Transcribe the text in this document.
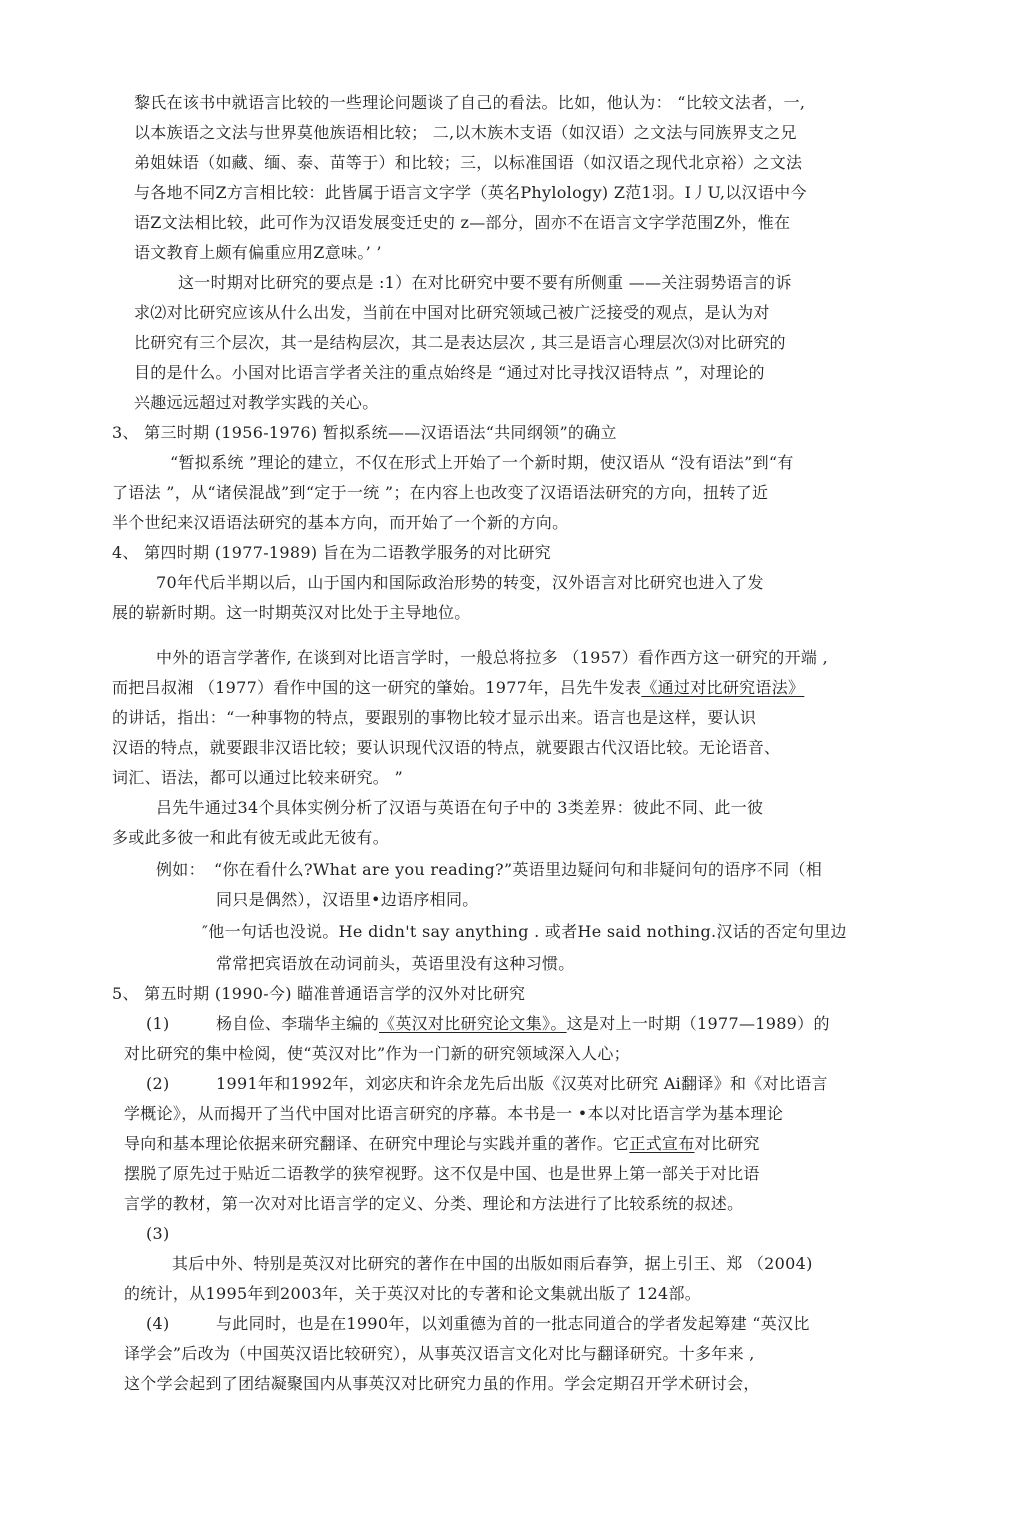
黎氏在该书中就语言比较的一些理论问题谈了自己的看法。比如，他认为： “比较文法者，一,
以本族语之文法与世界莫他族语相比较； 二,以木族木支语（如汉语）之文法与同族界支之兄
弟姐妹语（如藏、缅、泰、苗等于）和比较；三，以标准国语（如汉语之现代北京裕）之文法
与各地不同Z方言相比较：此皆属于语言文字学（英名Phylology) Z范1羽。I丿U,以汉语中今
语Z文法相比较，此可作为汉语发展变迁史的 z—部分，固亦不在语言文字学范围Z外，惟在
语文教育上颇有偏重应用Z意味。’ ’
这一时期对比研究的要点是 :1）在对比研究中要不要有所侧重 ——关注弱势语言的诉
求⑵对比研究应该从什么出发，当前在中国对比研究领域己被广泛接受的观点，是认为对
比研究有三个层次，其一是结构层次，其二是表达层次 , 其三是语言心理层次⑶对比研究的
目的是什么。小国对比语言学者关注的重点始终是 “通过对比寻找汉语特点 ”，对理论的
兴趣远远超过对教学实践的关心。
3、 第三时期 (1956-1976) 暂拟系统——汉语语法“共同纲领”的确立
“暂拟系统 ”理论的建立，不仅在形式上开始了一个新时期，使汉语从 “没有语法”到“有
了语法 ”，从“诸侯混战”到“定于一统 ”；在内容上也改变了汉语语法研究的方向，扭转了近
半个世纪来汉语语法研究的基本方向，而开始了一个新的方向。
4、 第四时期 (1977-1989) 旨在为二语教学服务的对比研究
70年代后半期以后，山于国内和国际政治形势的转变，汉外语言对比研究也进入了发
展的崭新时期。这一时期英汉对比处于主导地位。
中外的语言学著作, 在谈到对比语言学时，一般总将拉多 （1957）看作西方这一研究的开端 ,
而把吕叔湘 （1977）看作中国的这一研究的肇始。1977年，吕先牛发表《通过对比研究语法》
的讲话，指出：“一种事物的特点，要跟别的事物比较才显示出来。语言也是这样，要认识
汉语的特点，就要跟非汉语比较；要认识现代汉语的特点，就要跟古代汉语比较。无论语音、
词汇、语法，都可以通过比较来研究。 ”
吕先牛通过34个具体实例分析了汉语与英语在句子中的 3类差界：彼此不同、此一彼
多或此多彼一和此有彼无或此无彼有。
例如： “你在看什么?What are you reading?”英语里边疑问句和非疑问句的语序不同（相
同只是偶然），汉语里•边语序相同。
″他一句话也没说。He didn't say anything . 或者He said nothing.汉话的否定句里边
常常把宾语放在动词前头，英语里没有这种习惯。
5、 第五时期 (1990-今) 瞄准普通语言学的汉外对比研究
(1)	杨自俭、李瑞华主编的《英汉对比研究论文集》。这是对上一时期（1977—1989）的
对比研究的集中检阅，使“英汉对比”作为一门新的研究领域深入人心；
(2)	1991年和1992年，刘宓庆和许余龙先后出版《汉英对比研究 Ai翻译》和《对比语言
学概论》，从而揭开了当代中国对比语言研究的序幕。本书是一 •本以对比语言学为基本理论
导向和基本理论依据来研究翻译、在研究中理论与实践并重的著作。它正式宣布对比研究
摆脱了原先过于贴近二语教学的狭窄视野。这不仅是中国、也是世界上第一部关于对比语
言学的教材，第一次对对比语言学的定义、分类、理论和方法进行了比较系统的叔述。
(3)
其后中外、特别是英汉对比研究的著作在中国的出版如雨后春笋，据上引王、郑 （2004)
的统计，从1995年到2003年，关于英汉对比的专著和论文集就出版了 124部。
(4)	与此同时，也是在1990年，以刘重德为首的一批志同道合的学者发起筹建 “英汉比
译学会”后改为（中国英汉语比较研究），从事英汉语言文化对比与翻译研究。十多年来 ,
这个学会起到了团结凝聚国内从事英汉对比研究力虽的作用。学会定期召开学术研讨会，
